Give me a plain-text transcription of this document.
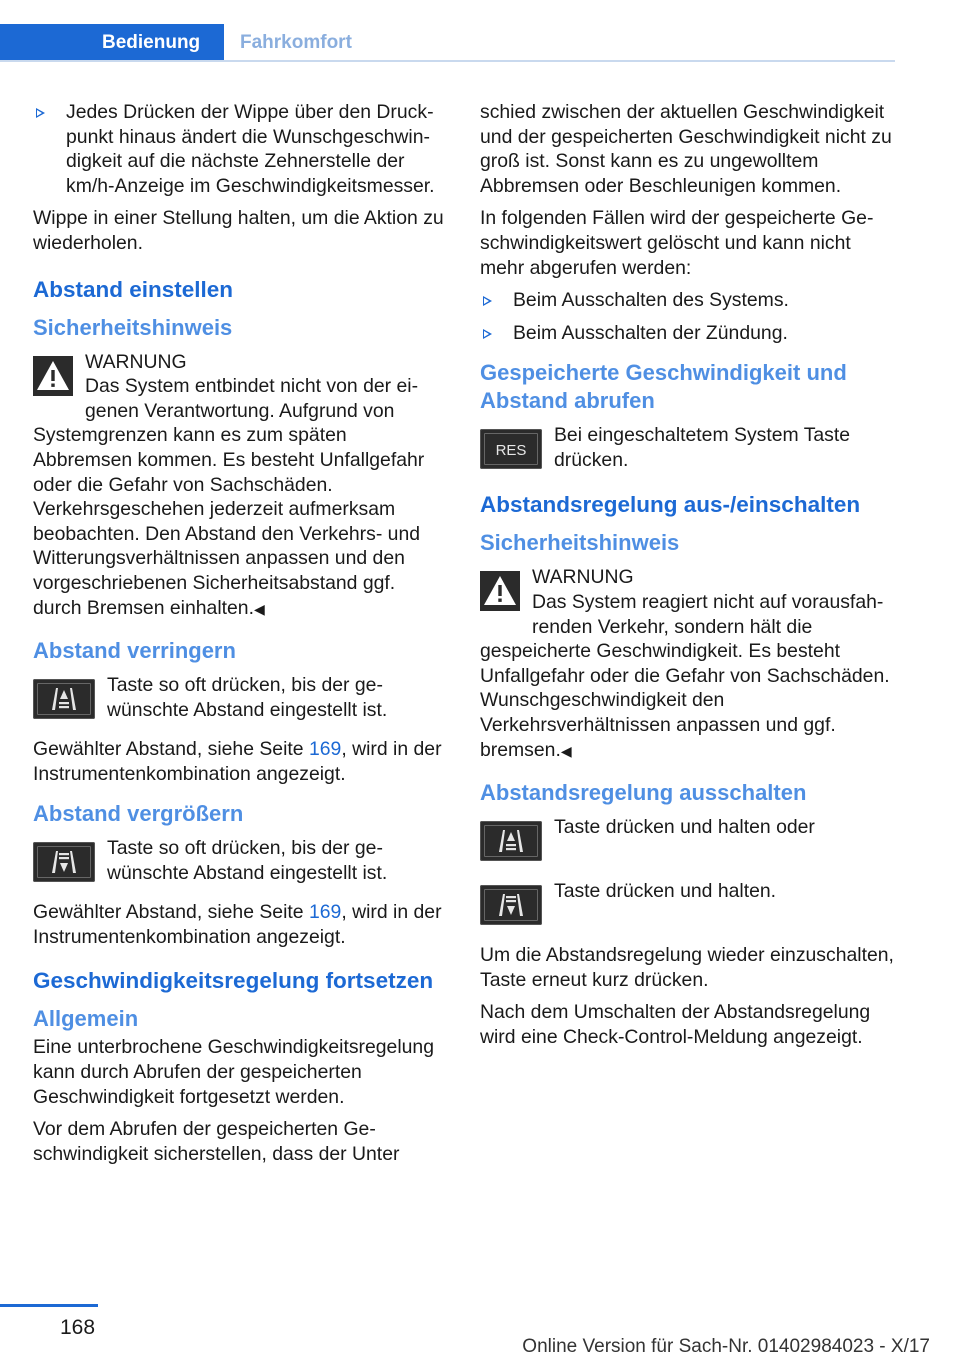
Bedienung Fahrkomfort
Jedes Drücken der Wippe über den Druckpunkt hinaus ändert die Wunschgeschwindigkeit auf die nächste Zehnerstelle der km/h-Anzeige im Geschwindigkeitsmesser.

Wippe in einer Stellung halten, um die Aktion zu wiederholen.

Abstand einstellen
Sicherheitshinweis
WARNUNG
Das System entbindet nicht von der eigenen Verantwortung. Aufgrund von Systemgrenzen kann es zum späten Abbremsen kommen. Es besteht Unfallgefahr oder die Gefahr von Sachschäden. Verkehrsgeschehen jederzeit aufmerksam beobachten. Den Abstand den Verkehrs- und Witterungsverhältnissen anpassen und den vorgeschriebenen Sicherheitsabstand ggf. durch Bremsen einhalten.◀
Abstand verringern
Taste so oft drücken, bis der gewünschte Abstand eingestellt ist.

Gewählter Abstand, siehe Seite 169, wird in der Instrumentenkombination angezeigt.

Abstand vergrößern
Taste so oft drücken, bis der gewünschte Abstand eingestellt ist.

Gewählter Abstand, siehe Seite 169, wird in der Instrumentenkombination angezeigt.

Geschwindigkeitsregelung fortsetzen
Allgemein

Eine unterbrochene Geschwindigkeitsregelung kann durch Abrufen der gespeicherten Geschwindigkeit fortgesetzt werden.

Vor dem Abrufen der gespeicherten Geschwindigkeit sicherstellen, dass der Unter

schied zwischen der aktuellen Geschwindigkeit und der gespeicherten Geschwindigkeit nicht zu groß ist. Sonst kann es zu ungewolltem Abbremsen oder Beschleunigen kommen.

In folgenden Fällen wird der gespeicherte Geschwindigkeitswert gelöscht und kann nicht mehr abgerufen werden:

Beim Ausschalten des Systems.
Beim Ausschalten der Zündung.
Gespeicherte Geschwindigkeit und Abstand abrufen
RES
Bei eingeschaltetem System Taste drücken.
Abstandsregelung aus-/einschalten
Sicherheitshinweis
WARNUNG
Das System reagiert nicht auf vorausfahrenden Verkehr, sondern hält die gespeicherte Geschwindigkeit. Es besteht Unfallgefahr oder die Gefahr von Sachschäden. Wunschgeschwindigkeit den Verkehrsverhältnissen anpassen und ggf. bremsen.◀
Abstandsregelung ausschalten
Taste drücken und halten oder
Taste drücken und halten.

Um die Abstandsregelung wieder einzuschalten, Taste erneut kurz drücken.

Nach dem Umschalten der Abstandsregelung wird eine Check-Control-Meldung angezeigt.

168
Online Version für Sach-Nr. 01402984023 - X/17
